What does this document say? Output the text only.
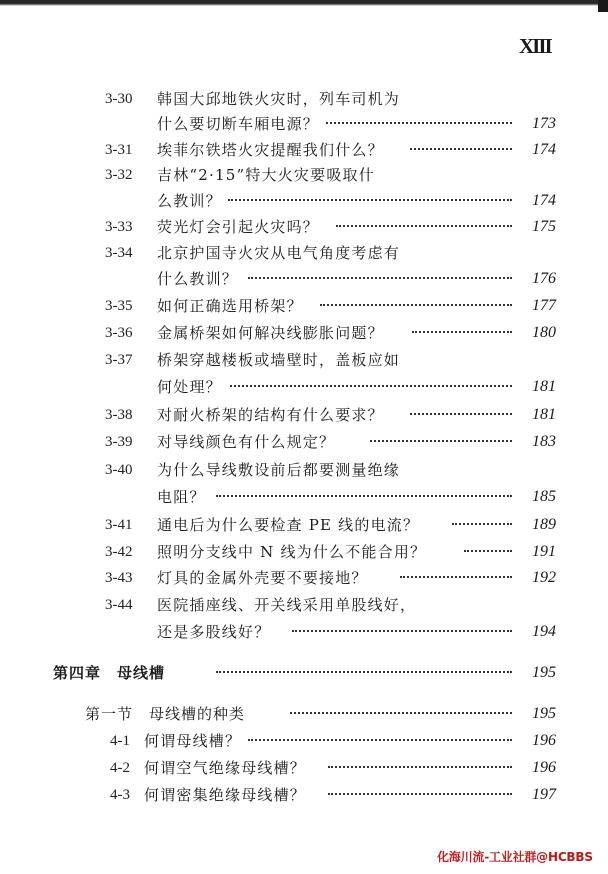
XIII
3-30 韩国大邱地铁火灾时，列车司机为
什么要切断车厢电源？	173
3-31 埃菲尔铁塔火灾提醒我们什么？	174
3-32 吉林“2·15”特大火灾要吸取什
么教训？	174
3-33 荧光灯会引起火灾吗？	175
3-34 北京护国寺火灾从电气角度考虑有
什么教训？	176
3-35 如何正确选用桥架？	177
3-36 金属桥架如何解决线膨胀问题？	180
3-37 桥架穿越楼板或墙壁时，盖板应如
何处理？	181
3-38 对耐火桥架的结构有什么要求？	181
3-39 对导线颜色有什么规定？	183
3-40 为什么导线敷设前后都要测量绝缘
电阻？	185
3-41 通电后为什么要检查 PE 线的电流？	189
3-42 照明分支线中 N 线为什么不能合用？	191
3-43 灯具的金属外壳要不要接地？	192
3-44 医院插座线、开关线采用单股线好，
还是多股线好？	194
第四章　母线槽	195
第一节　母线槽的种类	195
4-1 何谓母线槽？	196
4-2 何谓空气绝缘母线槽？	196
4-3 何谓密集绝缘母线槽？	197
化海川流-工业社群@HCBBS
